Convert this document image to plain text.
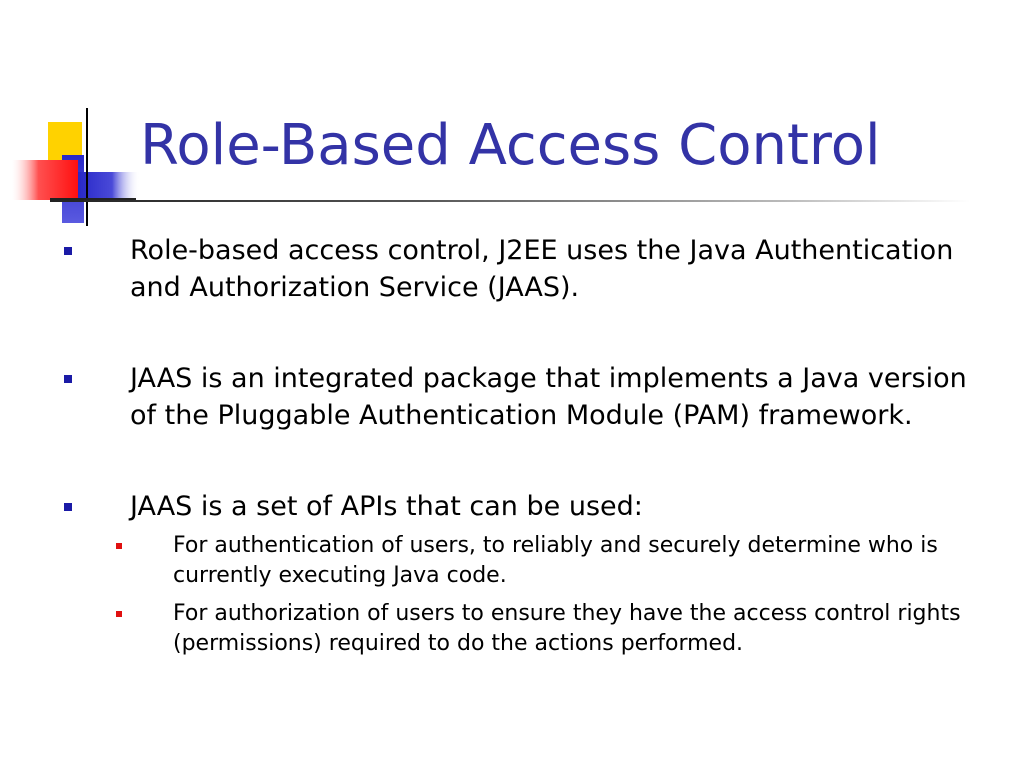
Role-Based Access Control
Role-based access control, J2EE uses the Java Authentication and Authorization Service (JAAS).
JAAS is an integrated package that implements a Java version of the Pluggable Authentication Module (PAM) framework.
JAAS is a set of APIs that can be used:
For authentication of users, to reliably and securely determine who is currently executing Java code.
For authorization of users to ensure they have the access control rights (permissions) required to do the actions performed.
